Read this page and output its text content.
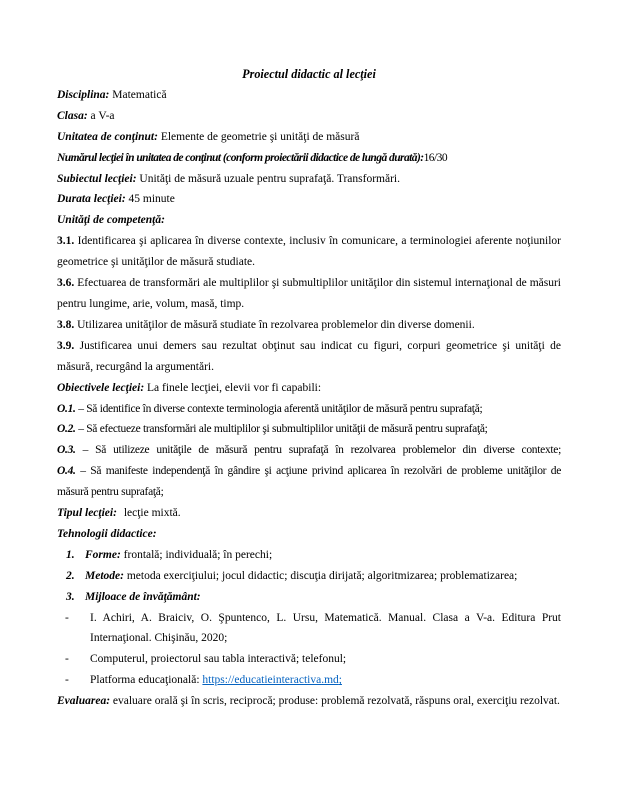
Proiectul didactic al lecţiei

Disciplina: Matematică

Clasa: a V-a

Unitatea de conţinut: Elemente de geometrie şi unităţi de măsură

Numărul lecţiei în unitatea de conţinut (conform proiectării didactice de lungă durată):16/30

Subiectul lecţiei: Unităţi de măsură uzuale pentru suprafaţă. Transformări.

Durata lecţiei: 45 minute

Unităţi de competenţă:

3.1. Identificarea şi aplicarea în diverse contexte, inclusiv în comunicare, a terminologiei aferente noţiunilor geometrice şi unităţilor de măsură studiate.

3.6. Efectuarea de transformări ale multiplilor şi submultiplilor unităţilor din sistemul internaţional de măsuri pentru lungime, arie, volum, masă, timp.

3.8. Utilizarea unităţilor de măsură studiate în rezolvarea problemelor din diverse domenii.

3.9. Justificarea unui demers sau rezultat obţinut sau indicat cu figuri, corpuri geometrice şi unităţi de măsură, recurgând la argumentări.

Obiectivele lecţiei: La finele lecţiei, elevii vor fi capabili:

O.1. – Să identifice în diverse contexte terminologia aferentă unităţilor de măsură pentru suprafaţă;

O.2. – Să efectueze transformări ale multiplilor şi submultiplilor unităţii de măsură pentru suprafaţă;

O.3. – Să utilizeze unităţile de măsură pentru suprafaţă în rezolvarea problemelor din diverse contexte;

O.4. – Să manifeste independenţă în gândire şi acţiune privind aplicarea în rezolvări de probleme unităţilor de măsură pentru suprafaţă;

Tipul lecţiei: lecţie mixtă.

Tehnologii didactice:

1. Forme: frontală; individuală; în perechi;

2. Metode: metoda exerciţiului; jocul didactic; discuţia dirijată; algoritmizarea; problematizarea;

3. Mijloace de învăţământ:

- I. Achiri, A. Braiciv, O. Şpuntenco, L. Ursu, Matematică. Manual. Clasa a V-a. Editura Prut Internaţional. Chişinău, 2020;

- Computerul, proiectorul sau tabla interactivă; telefonul;

- Platforma educaţională: https://educatieinteractiva.md;

Evaluarea: evaluare orală şi în scris, reciprocă; produse: problemă rezolvată, răspuns oral, exerciţiu rezolvat.
